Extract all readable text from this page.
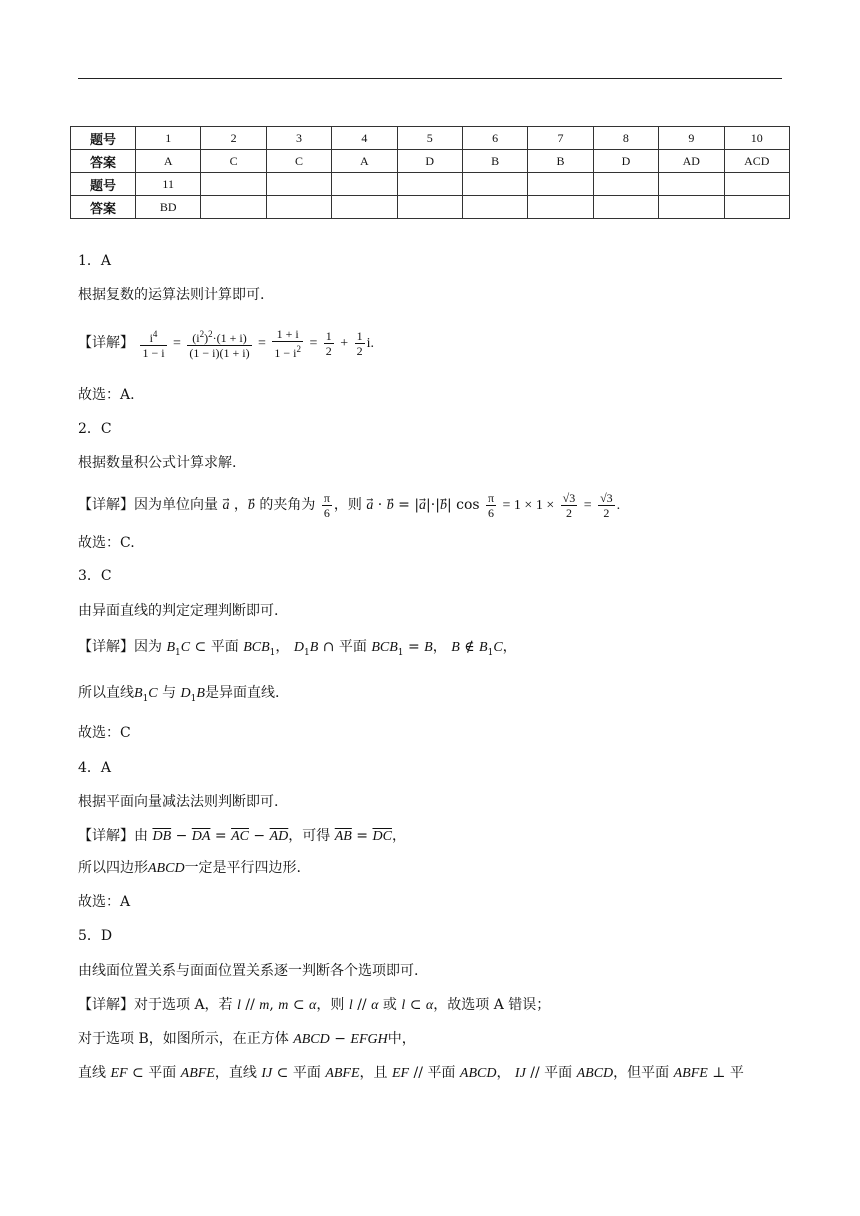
题号	1	2	3	4	5	6	7	8	9	10
答案	A	C	C	A	D	B	B	D	AD	ACD
题号	11									
答案	BD									
1．A
根据复数的运算法则计算即可.
【详解】 $\frac{i^4}{1 - i} = \frac{(i^2)^2\cdot(1 + i)}{(1 - i)(1 + i)} = \frac{1 + i}{1 - i^2} = \frac{1}{2} + \frac{1}{2} i$.
故选：A.
2．C
根据数量积公式计算求解.
【详解】因为单位向量 a⃗ ，b⃗ 的夹角为 $\frac{\pi}{6}$ ，则 a⃗ · b⃗ = |a⃗|·|b⃗| $\cos \frac{\pi}{6} = 1 \times 1 \times \frac{√3}{2} = \frac{√3}{2}$ .
故选：C.
3．C
由异面直线的判定定理判断即可.
【详解】因为 $B_1C$ ⊂ 平面 $BCB_1$， $D_1B$ ∩ 平面 $BCB_1 = B$， B ∉ $B_1C$，
所以直线$B_1C$ 与 $D_1B$是异面直线.
故选：C
4．A
根据平面向量减法法则判断即可.
【详解】由 $\overline{DB} - \overline{DA} = \overline{AC} - \overline{AD}$，可得 $\overline{AB} = \overline{DC}$，
所以四边形ABCD一定是平行四边形.
故选：A
5．D
由线面位置关系与面面位置关系逐一判断各个选项即可.
【详解】对于选项 A，若 l // m, m ⊂ α，则 l // α 或 l ⊂ α，故选项 A 错误；
对于选项 B，如图所示，在正方体 ABCD − EFGH中，
直线 EF ⊂ 平面 ABFE，直线 IJ ⊂ 平面 ABFE，且 EF // 平面 ABCD， IJ // 平面 ABCD，但平面 ABFE ⊥ 平
